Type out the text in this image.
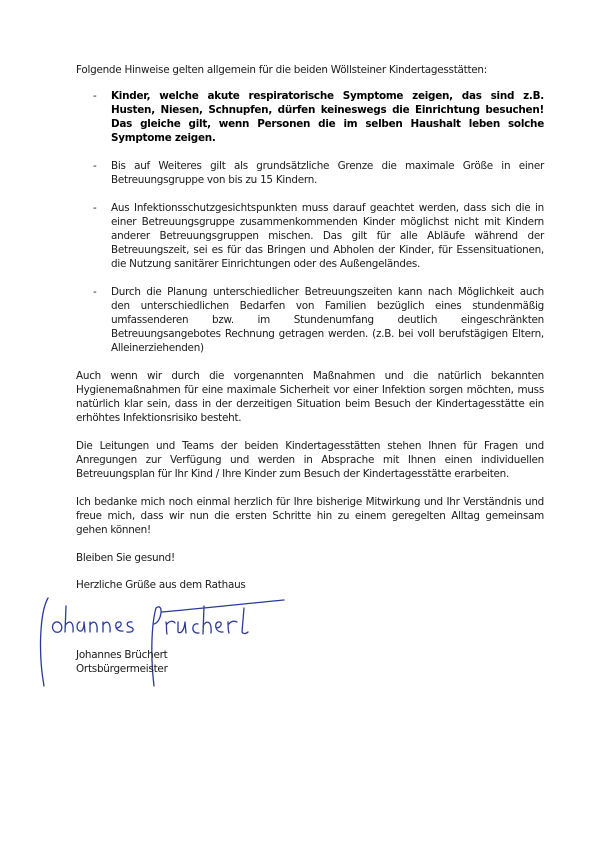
Folgende Hinweise gelten allgemein für die beiden Wöllsteiner Kindertagesstätten:

- Kinder, welche akute respiratorische Symptome zeigen, das sind z.B. Husten, Niesen, Schnupfen, dürfen keineswegs die Einrichtung besuchen! Das gleiche gilt, wenn Personen die im selben Haushalt leben solche Symptome zeigen.
- Bis auf Weiteres gilt als grundsätzliche Grenze die maximale Größe in einer Betreuungsgruppe von bis zu 15 Kindern.
- Aus Infektionsschutzgesichtspunkten muss darauf geachtet werden, dass sich die in einer Betreuungsgruppe zusammenkommenden Kinder möglichst nicht mit Kindern anderer Betreuungsgruppen mischen. Das gilt für alle Abläufe während der Betreuungszeit, sei es für das Bringen und Abholen der Kinder, für Essensituationen, die Nutzung sanitärer Einrichtungen oder des Außengeländes.
- Durch die Planung unterschiedlicher Betreuungszeiten kann nach Möglichkeit auch den unterschiedlichen Bedarfen von Familien bezüglich eines stundenmäßig umfassenderen bzw. im Stundenumfang deutlich eingeschränkten Betreuungsangebotes Rechnung getragen werden. (z.B. bei voll berufstägigen Eltern, Alleinerziehenden)

Auch wenn wir durch die vorgenannten Maßnahmen und die natürlich bekannten Hygienemaßnahmen für eine maximale Sicherheit vor einer Infektion sorgen möchten, muss natürlich klar sein, dass in der derzeitigen Situation beim Besuch der Kindertagesstätte ein erhöhtes Infektionsrisiko besteht.

Die Leitungen und Teams der beiden Kindertagesstätten stehen Ihnen für Fragen und Anregungen zur Verfügung und werden in Absprache mit Ihnen einen individuellen Betreuungsplan für Ihr Kind / Ihre Kinder zum Besuch der Kindertagesstätte erarbeiten.

Ich bedanke mich noch einmal herzlich für Ihre bisherige Mitwirkung und Ihr Verständnis und freue mich, dass wir nun die ersten Schritte hin zu einem geregelten Alltag gemeinsam gehen können!

Bleiben Sie gesund!

Herzliche Grüße aus dem Rathaus

Johannes Brüchert
Ortsbürgermeister
